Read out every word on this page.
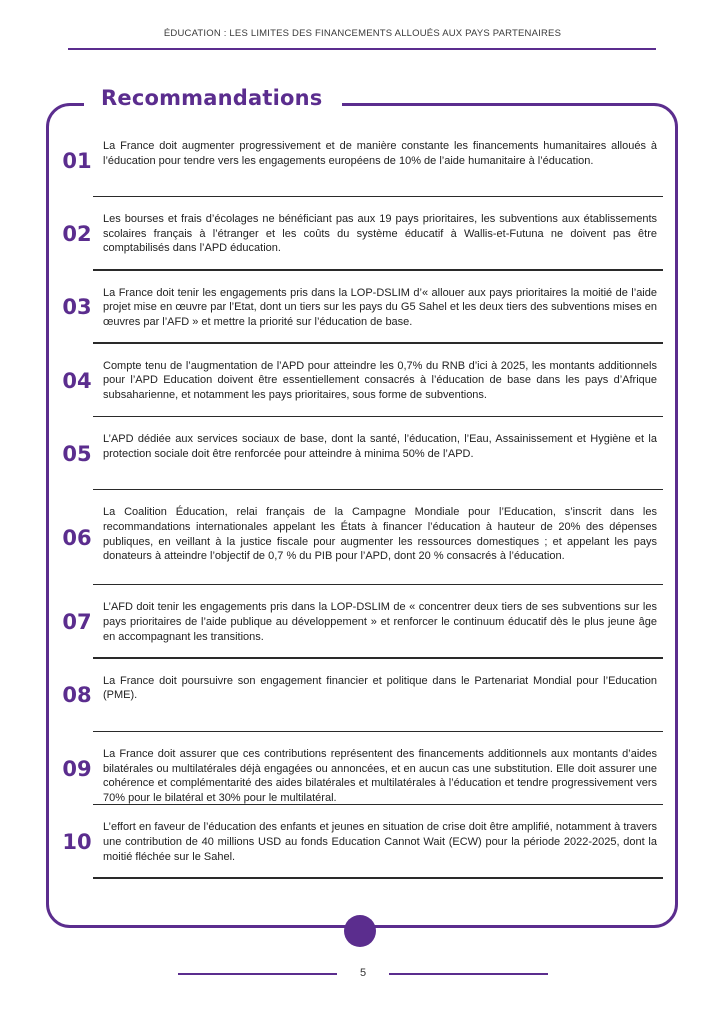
ÉDUCATION : LES LIMITES DES FINANCEMENTS ALLOUÉS AUX PAYS PARTENAIRES
Recommandations
01
La France doit augmenter progressivement et de manière constante les financements humanitaires alloués à l’éducation pour tendre vers les engagements européens de 10% de l’aide humanitaire à l’éducation.
02
Les bourses et frais d’écolages ne bénéficiant pas aux 19 pays prioritaires, les subventions aux établissements scolaires français à l’étranger et les coûts du système éducatif à Wallis-et-Futuna ne doivent pas être comptabilisés dans l’APD éducation.
03
La France doit tenir les engagements pris dans la LOP-DSLIM d’« allouer aux pays prioritaires la moitié de l’aide projet mise en œuvre par l’Etat, dont un tiers sur les pays du G5 Sahel et les deux tiers des subventions mises en œuvres par l’AFD » et mettre la priorité sur l’éducation de base.
04
Compte tenu de l’augmentation de l’APD pour atteindre les 0,7% du RNB d’ici à 2025, les montants additionnels pour l’APD Education doivent être essentiellement consacrés à l’éducation de base dans les pays d’Afrique subsaharienne, et notamment les pays prioritaires, sous forme de subventions.
05
L’APD dédiée aux services sociaux de base, dont la santé, l’éducation, l’Eau, Assainissement et Hygiène et la protection sociale doit être renforcée pour atteindre à minima 50% de l’APD.
06
La Coalition Éducation, relai français de la Campagne Mondiale pour l’Education, s’inscrit dans les recommandations internationales appelant les États à financer l’éducation à hauteur de 20% des dépenses publiques, en veillant à la justice fiscale pour augmenter les ressources domestiques ; et appelant les pays donateurs à atteindre l’objectif de 0,7 % du PIB pour l’APD, dont 20 % consacrés à l’éducation.
07
L’AFD doit tenir les engagements pris dans la LOP-DSLIM de « concentrer deux tiers de ses subventions sur les pays prioritaires de l’aide publique au développement » et renforcer le continuum éducatif dès le plus jeune âge en accompagnant les transitions.
08
La France doit poursuivre son engagement financier et politique dans le Partenariat Mondial pour l’Education (PME).
09
La France doit assurer que ces contributions représentent des financements additionnels aux montants d’aides bilatérales ou multilatérales déjà engagées ou annoncées, et en aucun cas une substitution. Elle doit assurer une cohérence et complémentarité des aides bilatérales et multilatérales à l’éducation et tendre progressivement vers 70% pour le bilatéral et 30% pour le multilatéral.
10
L’effort en faveur de l’éducation des enfants et jeunes en situation de crise doit être amplifié, notamment à travers une contribution de 40 millions USD au fonds Education Cannot Wait (ECW) pour la période 2022-2025, dont la moitié fléchée sur le Sahel.
5
